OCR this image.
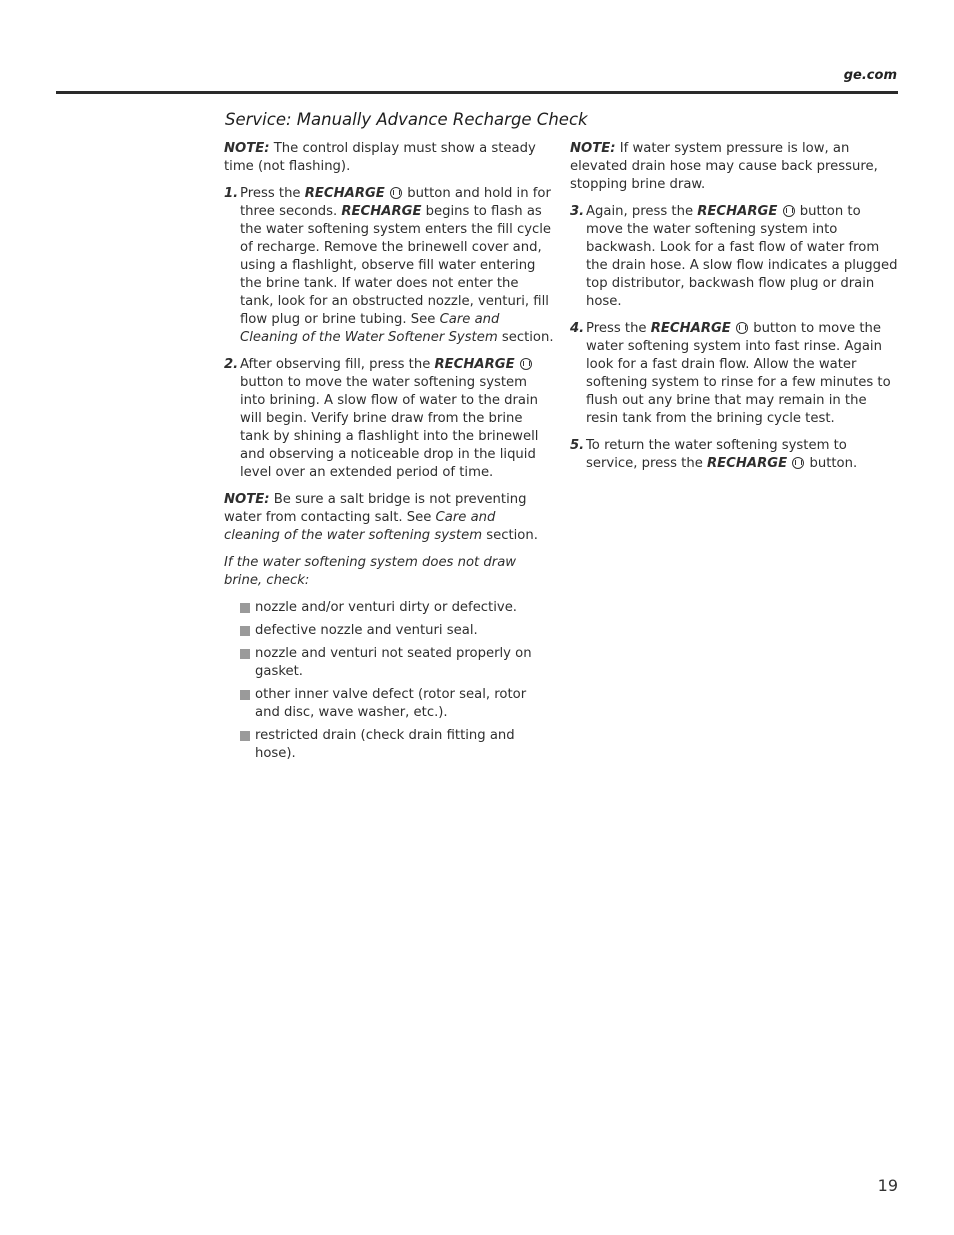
ge.com
Service: Manually Advance Recharge Check

NOTE: The control display must show a steady time (not flashing).

1. Press the RECHARGE  button and hold in for three seconds. RECHARGE begins to flash as the water softening system enters the fill cycle of recharge. Remove the brinewell cover and, using a flashlight, observe fill water entering the brine tank. If water does not enter the tank, look for an obstructed nozzle, venturi, fill flow plug or brine tubing. See Care and Cleaning of the Water Softener System section.
2. After observing fill, press the RECHARGE  button to move the water softening system into brining. A slow flow of water to the drain will begin. Verify brine draw from the brine tank by shining a flashlight into the brinewell and observing a noticeable drop in the liquid level over an extended period of time.

NOTE: Be sure a salt bridge is not preventing water from contacting salt. See Care and cleaning of the water softening system section.

If the water softening system does not draw brine, check:

nozzle and/or venturi dirty or defective.
defective nozzle and venturi seal.
nozzle and venturi not seated properly on gasket.
other inner valve defect (rotor seal, rotor and disc, wave washer, etc.).
restricted drain (check drain fitting and hose).

NOTE: If water system pressure is low, an elevated drain hose may cause back pressure, stopping brine draw.

3. Again, press the RECHARGE  button to move the water softening system into backwash. Look for a fast flow of water from the drain hose. A slow flow indicates a plugged top distributor, backwash flow plug or drain hose.
4. Press the RECHARGE  button to move the water softening system into fast rinse. Again look for a fast drain flow. Allow the water softening system to rinse for a few minutes to flush out any brine that may remain in the resin tank from the brining cycle test.
5. To return the water softening system to service, press the RECHARGE  button.
19
